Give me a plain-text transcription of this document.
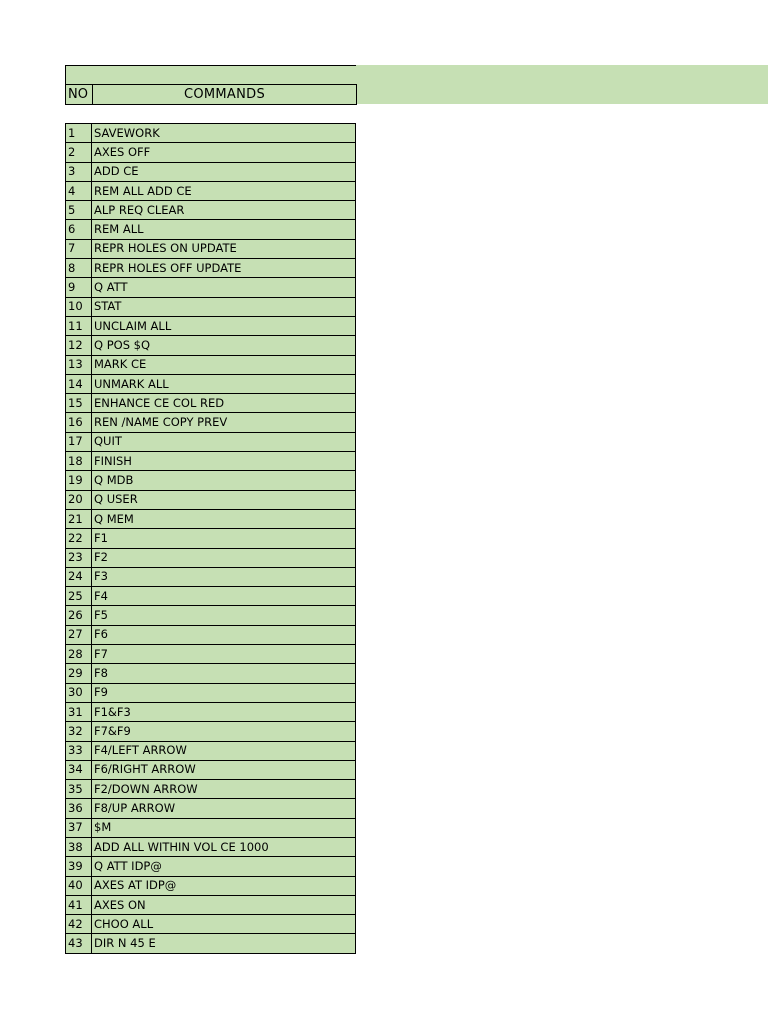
NO	COMMANDS
1	SAVEWORK
2	AXES OFF
3	ADD CE
4	REM ALL ADD CE
5	ALP REQ CLEAR
6	REM ALL
7	REPR HOLES ON UPDATE
8	REPR HOLES OFF UPDATE
9	Q ATT
10	STAT
11	UNCLAIM ALL
12	Q POS $Q
13	MARK CE
14	UNMARK ALL
15	ENHANCE CE COL RED
16	REN /NAME COPY PREV
17	QUIT
18	FINISH
19	Q MDB
20	Q USER
21	Q MEM
22	F1
23	F2
24	F3
25	F4
26	F5
27	F6
28	F7
29	F8
30	F9
31	F1&F3
32	F7&F9
33	F4/LEFT ARROW
34	F6/RIGHT ARROW
35	F2/DOWN ARROW
36	F8/UP ARROW
37	$M
38	ADD ALL WITHIN VOL CE 1000
39	Q ATT IDP@
40	AXES AT IDP@
41	AXES ON
42	CHOO ALL
43	DIR N 45 E
